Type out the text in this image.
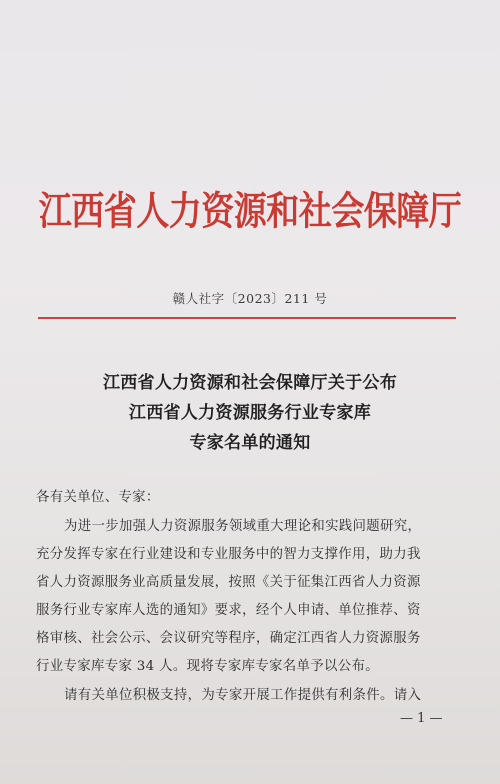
江西省人力资源和社会保障厅
赣人社字〔2023〕211 号
江西省人力资源和社会保障厅关于公布
江西省人力资源服务行业专家库
专家名单的通知
各有关单位、专家：
为进一步加强人力资源服务领域重大理论和实践问题研究，
充分发挥专家在行业建设和专业服务中的智力支撑作用，助力我
省人力资源服务业高质量发展，按照《关于征集江西省人力资源
服务行业专家库人选的通知》要求，经个人申请、单位推荐、资
格审核、社会公示、会议研究等程序，确定江西省人力资源服务
行业专家库专家 34 人。现将专家库专家名单予以公布。
请有关单位积极支持，为专家开展工作提供有利条件。请入
— 1 —
